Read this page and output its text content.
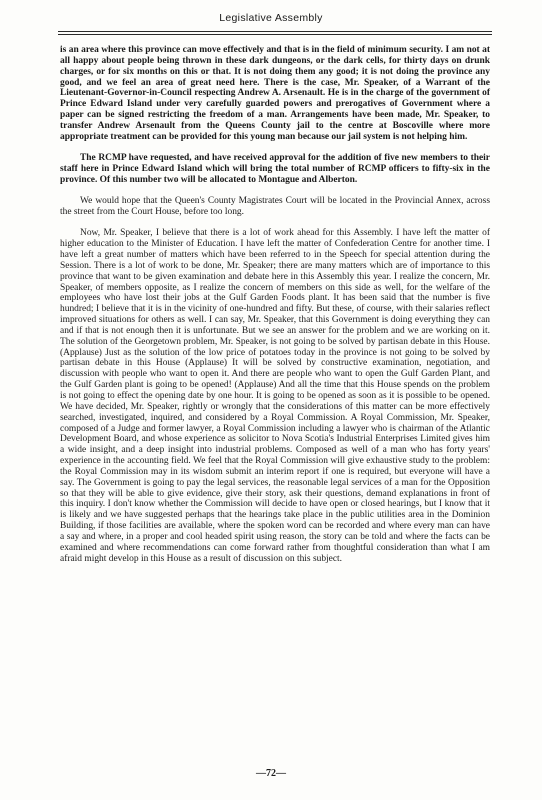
Legislative Assembly

is an area where this province can move effectively and that is in the field of minimum security. I am not at all happy about people being thrown in these dark dungeons, or the dark cells, for thirty days on drunk charges, or for six months on this or that. It is not doing them any good; it is not doing the province any good, and we feel an area of great need here. There is the case, Mr. Speaker, of a Warrant of the Lieutenant-Governor-in-Council respecting Andrew A. Arsenault. He is in the charge of the government of Prince Edward Island under very carefully guarded powers and prerogatives of Government where a paper can be signed restricting the freedom of a man. Arrangements have been made, Mr. Speaker, to transfer Andrew Arsenault from the Queens County jail to the centre at Boscoville where more appropriate treatment can be provided for this young man because our jail system is not helping him.

The RCMP have requested, and have received approval for the addition of five new members to their staff here in Prince Edward Island which will bring the total number of RCMP officers to fifty-six in the province. Of this number two will be allocated to Montague and Alberton.

We would hope that the Queen's County Magistrates Court will be located in the Provincial Annex, across the street from the Court House, before too long.

Now, Mr. Speaker, I believe that there is a lot of work ahead for this Assembly. I have left the matter of higher education to the Minister of Education. I have left the matter of Confederation Centre for another time. I have left a great number of matters which have been referred to in the Speech for special attention during the Session. There is a lot of work to be done, Mr. Speaker; there are many matters which are of importance to this province that want to be given examination and debate here in this Assembly this year. I realize the concern, Mr. Speaker, of members opposite, as I realize the concern of members on this side as well, for the welfare of the employees who have lost their jobs at the Gulf Garden Foods plant. It has been said that the number is five hundred; I believe that it is in the vicinity of one-hundred and fifty. But these, of course, with their salaries reflect improved situations for others as well. I can say, Mr. Speaker, that this Government is doing everything they can and if that is not enough then it is unfortunate. But we see an answer for the problem and we are working on it. The solution of the Georgetown problem, Mr. Speaker, is not going to be solved by partisan debate in this House. (Applause) Just as the solution of the low price of potatoes today in the province is not going to be solved by partisan debate in this House (Applause) It will be solved by constructive examination, negotiation, and discussion with people who want to open it. And there are people who want to open the Gulf Garden Plant, and the Gulf Garden plant is going to be opened! (Applause) And all the time that this House spends on the problem is not going to effect the opening date by one hour. It is going to be opened as soon as it is possible to be opened. We have decided, Mr. Speaker, rightly or wrongly that the considerations of this matter can be more effectively searched, investigated, inquired, and considered by a Royal Commission. A Royal Commission, Mr. Speaker, composed of a Judge and former lawyer, a Royal Commission including a lawyer who is chairman of the Atlantic Development Board, and whose experience as solicitor to Nova Scotia's Industrial Enterprises Limited gives him a wide insight, and a deep insight into industrial problems. Composed as well of a man who has forty years' experience in the accounting field. We feel that the Royal Commission will give exhaustive study to the problem: the Royal Commission may in its wisdom submit an interim report if one is required, but everyone will have a say. The Government is going to pay the legal services, the reasonable legal services of a man for the Opposition so that they will be able to give evidence, give their story, ask their questions, demand explanations in front of this inquiry. I don't know whether the Commission will decide to have open or closed hearings, but I know that it is likely and we have suggested perhaps that the hearings take place in the public utilities area in the Dominion Building, if those facilities are available, where the spoken word can be recorded and where every man can have a say and where, in a proper and cool headed spirit using reason, the story can be told and where the facts can be examined and where recommendations can come forward rather from thoughtful consideration than what I am afraid might develop in this House as a result of discussion on this subject.

—72—
